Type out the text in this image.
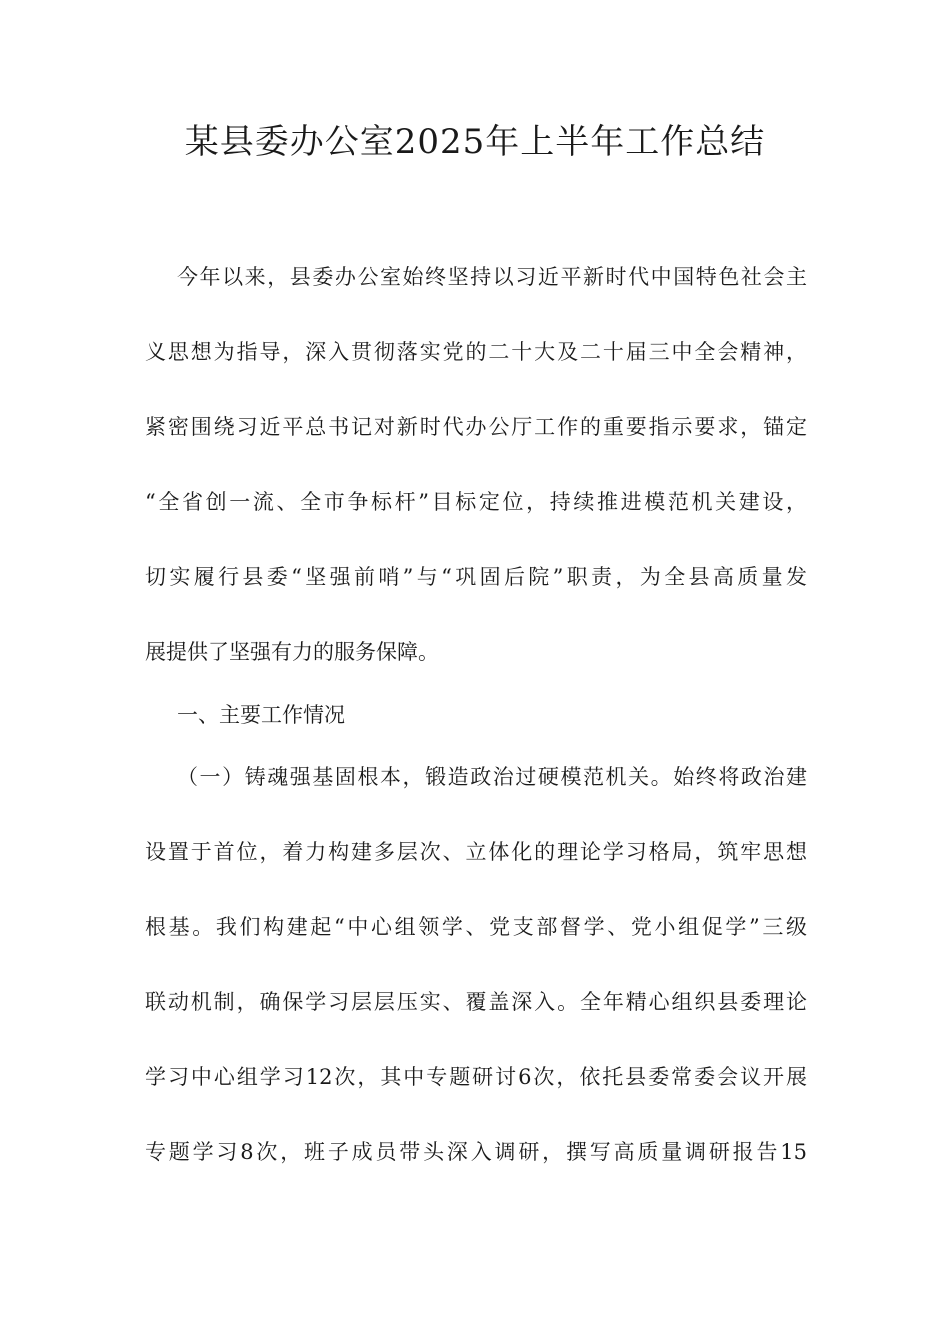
某县委办公室2025年上半年工作总结
今年以来，县委办公室始终坚持以习近平新时代中国特色社会主
义思想为指导，深入贯彻落实党的二十大及二十届三中全会精神，
紧密围绕习近平总书记对新时代办公厅工作的重要指示要求，锚定
“全省创一流、全市争标杆”目标定位，持续推进模范机关建设，
切实履行县委“坚强前哨”与“巩固后院”职责，为全县高质量发
展提供了坚强有力的服务保障。
一、主要工作情况
（一）铸魂强基固根本，锻造政治过硬模范机关。始终将政治建
设置于首位，着力构建多层次、立体化的理论学习格局，筑牢思想
根基。我们构建起“中心组领学、党支部督学、党小组促学”三级
联动机制，确保学习层层压实、覆盖深入。全年精心组织县委理论
学习中心组学习12次，其中专题研讨6次，依托县委常委会议开展
专题学习8次，班子成员带头深入调研，撰写高质量调研报告15
